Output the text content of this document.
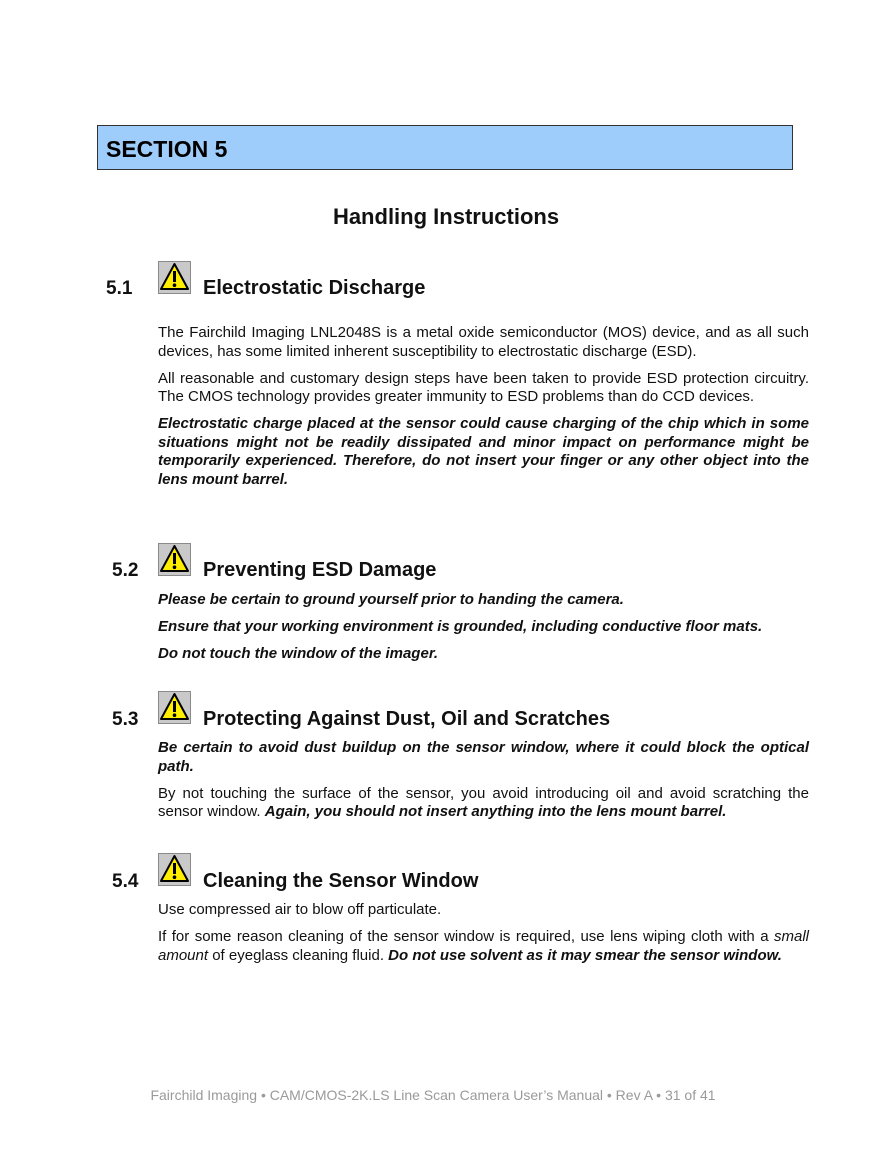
SECTION 5
Handling Instructions
5.1	Electrostatic Discharge

The Fairchild Imaging LNL2048S is a metal oxide semiconductor (MOS) device, and as all such devices, has some limited inherent susceptibility to electrostatic discharge (ESD).

All reasonable and customary design steps have been taken to provide ESD protection circuitry. The CMOS technology provides greater immunity to ESD problems than do CCD devices.

Electrostatic charge placed at the sensor could cause charging of the chip which in some situations might not be readily dissipated and minor impact on performance might be temporarily experienced. Therefore, do not insert your finger or any other object into the lens mount barrel.

5.2	Preventing ESD Damage

Please be certain to ground yourself prior to handing the camera.

Ensure that your working environment is grounded, including conductive floor mats.

Do not touch the window of the imager.

5.3	Protecting Against Dust, Oil and Scratches

Be certain to avoid dust buildup on the sensor window, where it could block the optical path.

By not touching the surface of the sensor, you avoid introducing oil and avoid scratching the sensor window. Again, you should not insert anything into the lens mount barrel.

5.4	Cleaning the Sensor Window

Use compressed air to blow off particulate.

If for some reason cleaning of the sensor window is required, use lens wiping cloth with a small amount of eyeglass cleaning fluid. Do not use solvent as it may smear the sensor window.

Fairchild Imaging • CAM/CMOS-2K.LS Line Scan Camera User’s Manual • Rev A • 31 of 41
